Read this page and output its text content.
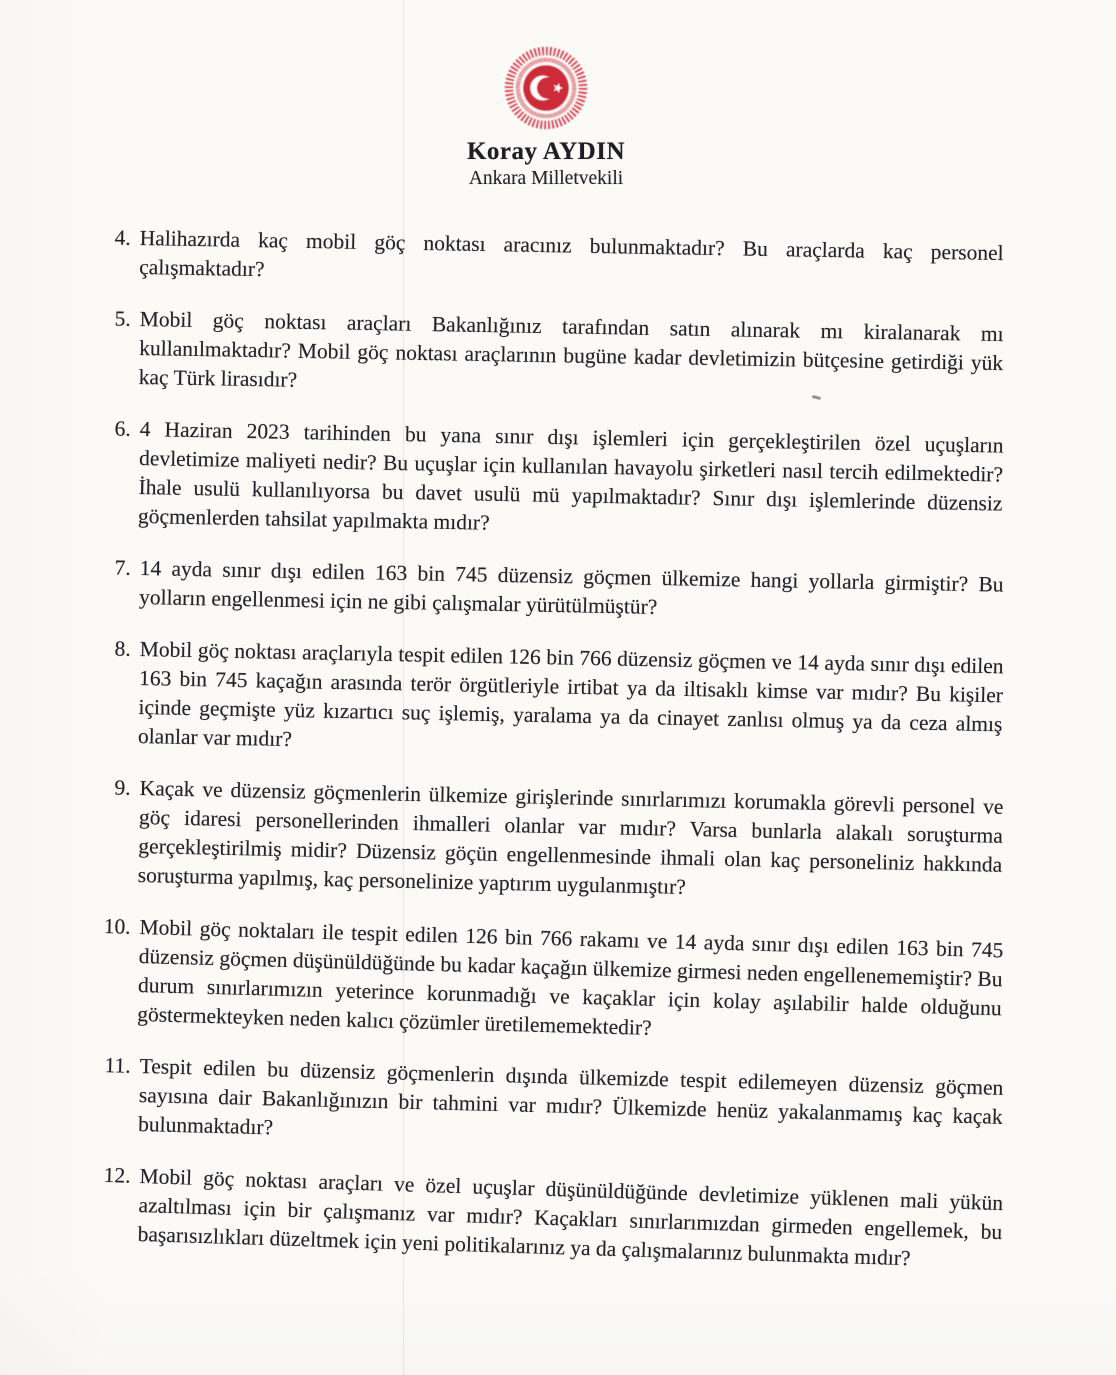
Koray AYDIN
Ankara Milletvekili
4. Halihazırda kaç mobil göç noktası aracınız bulunmaktadır? Bu araçlarda kaç personel çalışmaktadır?
5. Mobil göç noktası araçları Bakanlığınız tarafından satın alınarak mı kiralanarak mı kullanılmaktadır? Mobil göç noktası araçlarının bugüne kadar devletimizin bütçesine getirdiği yük kaç Türk lirasıdır?
6. 4 Haziran 2023 tarihinden bu yana sınır dışı işlemleri için gerçekleştirilen özel uçuşların devletimize maliyeti nedir? Bu uçuşlar için kullanılan havayolu şirketleri nasıl tercih edilmektedir? İhale usulü kullanılıyorsa bu davet usulü mü yapılmaktadır? Sınır dışı işlemlerinde düzensiz göçmenlerden tahsilat yapılmakta mıdır?
7. 14 ayda sınır dışı edilen 163 bin 745 düzensiz göçmen ülkemize hangi yollarla girmiştir? Bu yolların engellenmesi için ne gibi çalışmalar yürütülmüştür?
8. Mobil göç noktası araçlarıyla tespit edilen 126 bin 766 düzensiz göçmen ve 14 ayda sınır dışı edilen 163 bin 745 kaçağın arasında terör örgütleriyle irtibat ya da iltisaklı kimse var mıdır? Bu kişiler içinde geçmişte yüz kızartıcı suç işlemiş, yaralama ya da cinayet zanlısı olmuş ya da ceza almış olanlar var mıdır?
9. Kaçak ve düzensiz göçmenlerin ülkemize girişlerinde sınırlarımızı korumakla görevli personel ve göç idaresi personellerinden ihmalleri olanlar var mıdır? Varsa bunlarla alakalı soruşturma gerçekleştirilmiş midir? Düzensiz göçün engellenmesinde ihmali olan kaç personeliniz hakkında soruşturma yapılmış, kaç personelinize yaptırım uygulanmıştır?
10. Mobil göç noktaları ile tespit edilen 126 bin 766 rakamı ve 14 ayda sınır dışı edilen 163 bin 745 düzensiz göçmen düşünüldüğünde bu kadar kaçağın ülkemize girmesi neden engellenememiştir? Bu durum sınırlarımızın yeterince korunmadığı ve kaçaklar için kolay aşılabilir halde olduğunu göstermekteyken neden kalıcı çözümler üretilememektedir?
11. Tespit edilen bu düzensiz göçmenlerin dışında ülkemizde tespit edilemeyen düzensiz göçmen sayısına dair Bakanlığınızın bir tahmini var mıdır? Ülkemizde henüz yakalanmamış kaç kaçak bulunmaktadır?
12. Mobil göç noktası araçları ve özel uçuşlar düşünüldüğünde devletimize yüklenen mali yükün azaltılması için bir çalışmanız var mıdır? Kaçakları sınırlarımızdan girmeden engellemek, bu başarısızlıkları düzeltmek için yeni politikalarınız ya da çalışmalarınız bulunmakta mıdır?
